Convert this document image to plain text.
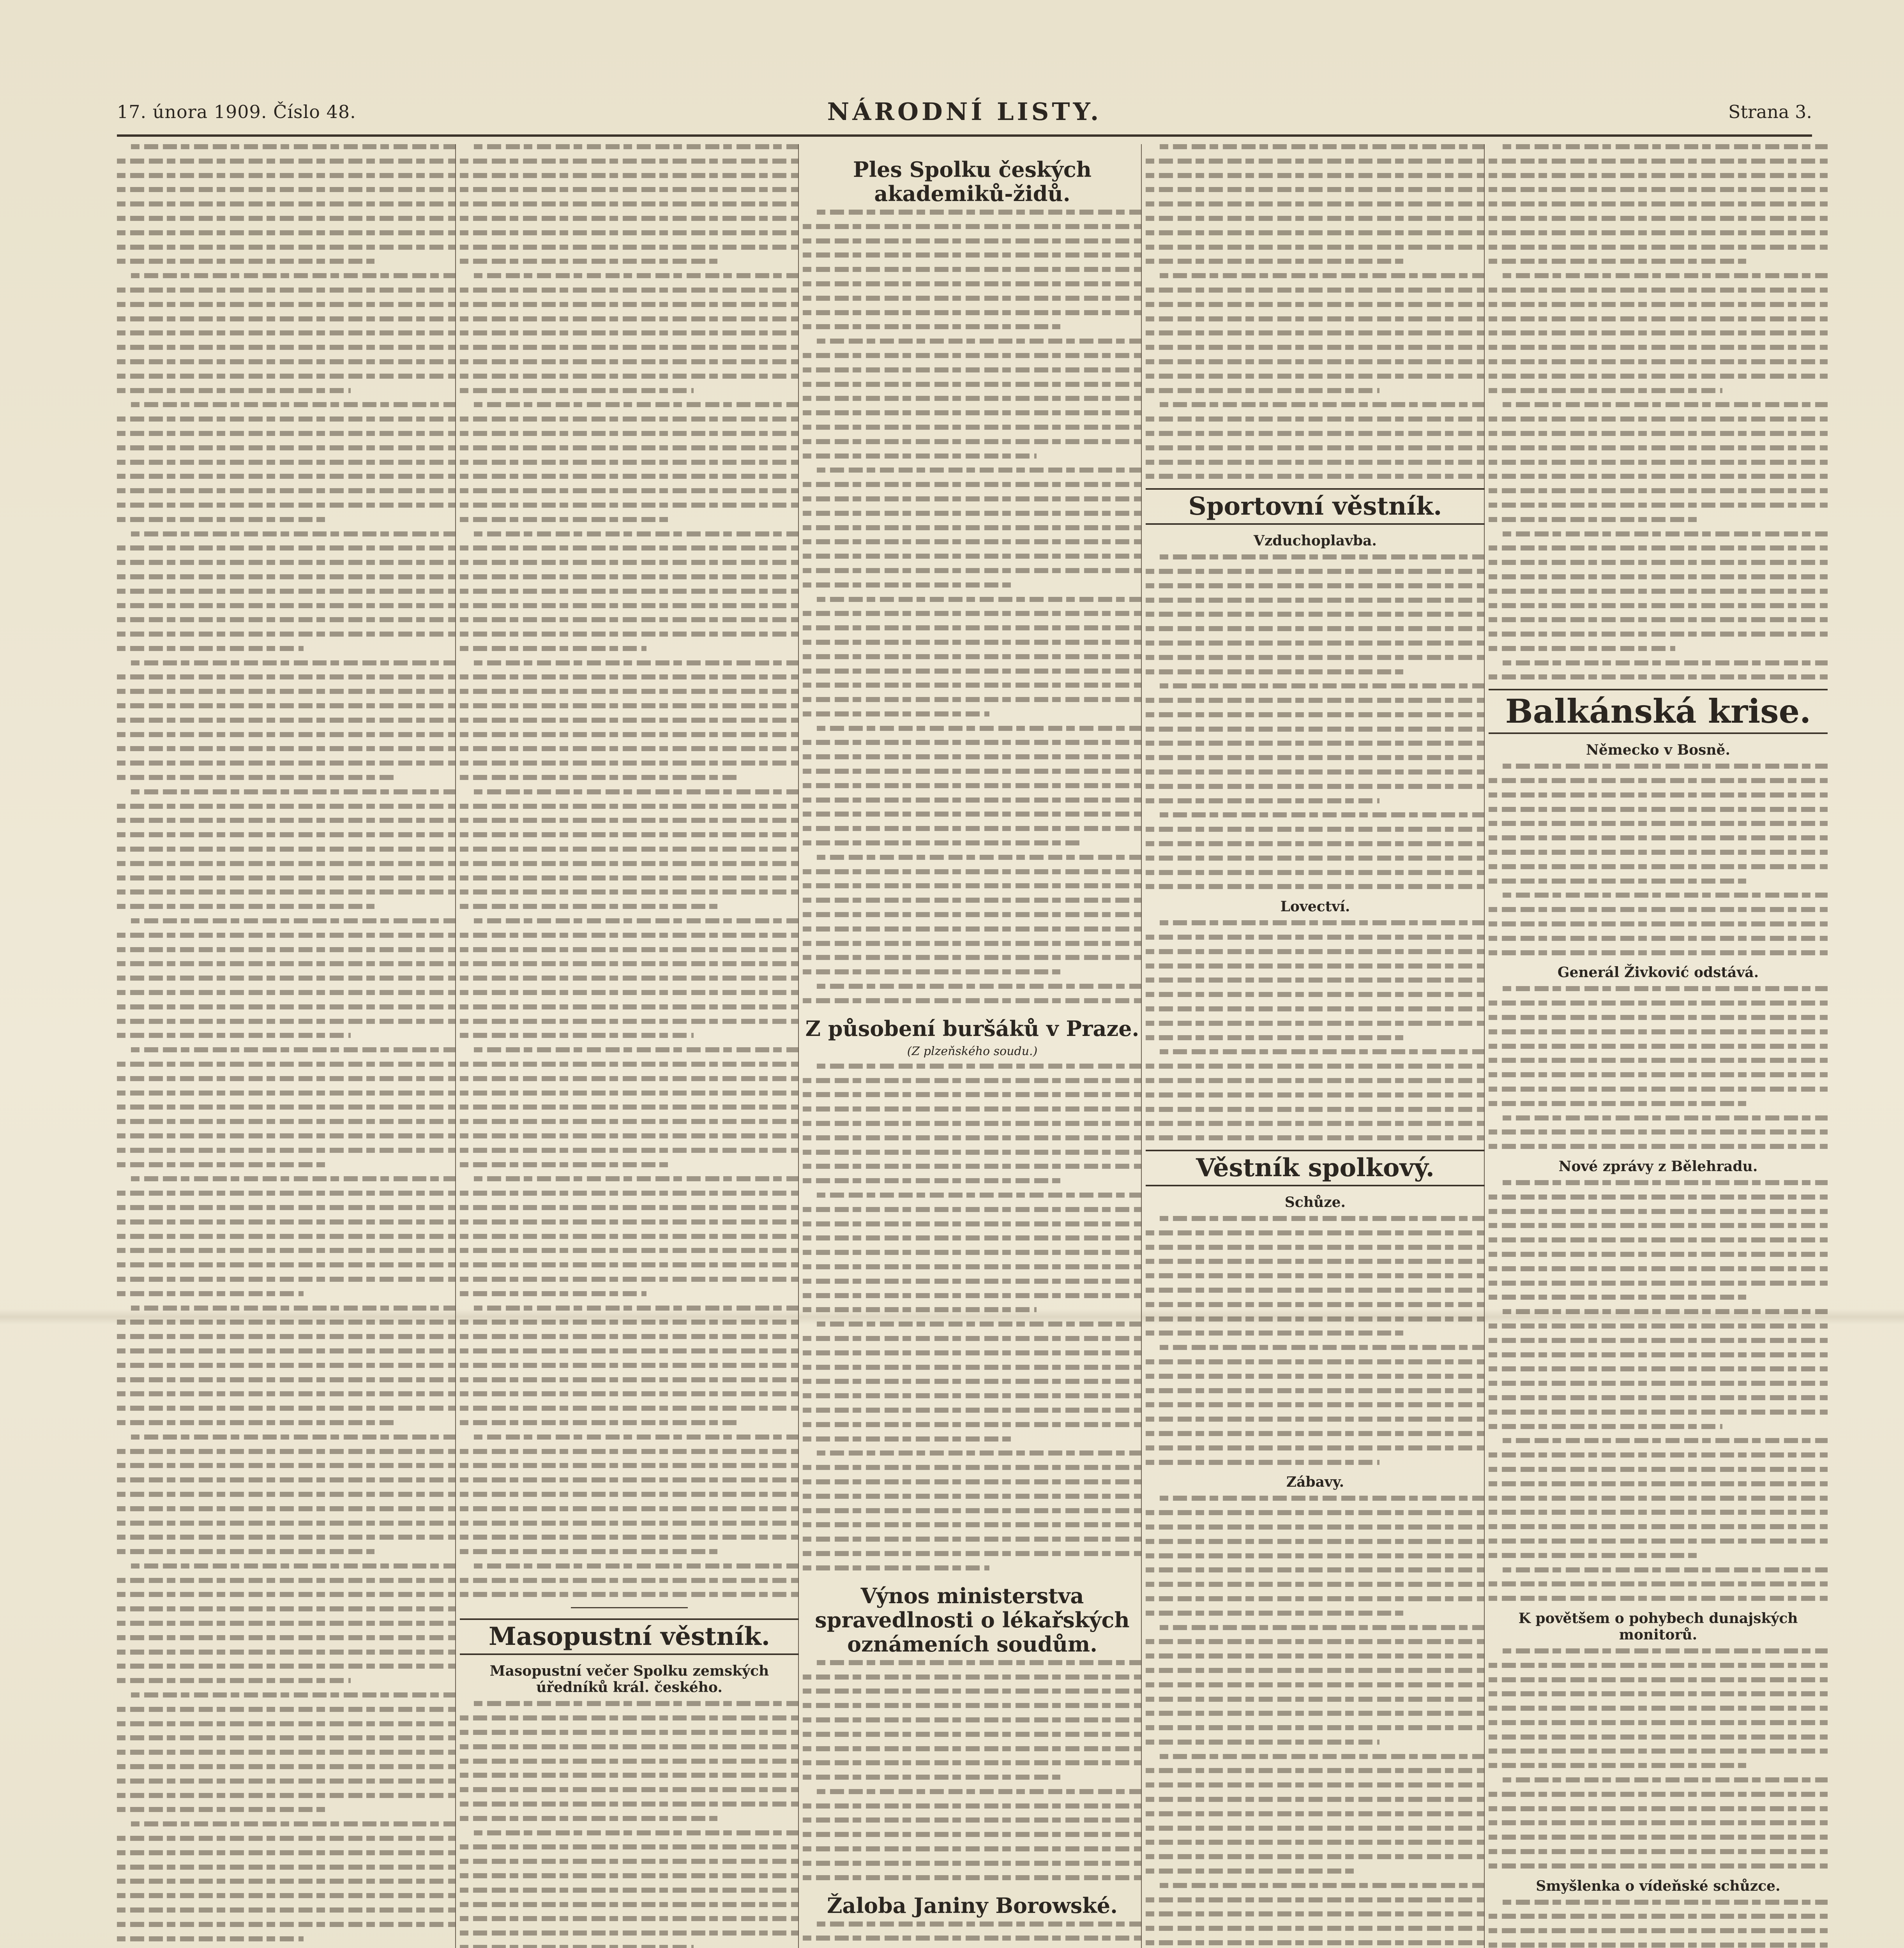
17. února 1909. Číslo 48.	NÁRODNÍ LISTY.	Strana 3.
Masopustní věstník.
Masopustní večer Spolku zemských úředníků král. českého.
Ples Spolku českých akademiků-židů.
Z působení buršáků v Praze.
(Z plzeňského soudu.)
Výnos ministerstva spravedlnosti o lékařských oznámeních soudům.
Žaloba Janiny Borowské.
Sportovní věstník.
Vzduchoplavba.
Lovectví.
Věstník spolkový.
Schůze.
Zábavy.
Balkánská krise.
Německo v Bosně.
Generál Živković odstává.
Nové zprávy z Bělehradu.
K povětšem o pohybech dunajských monitorů.
Smyšlenka o vídeňské schůzce.
